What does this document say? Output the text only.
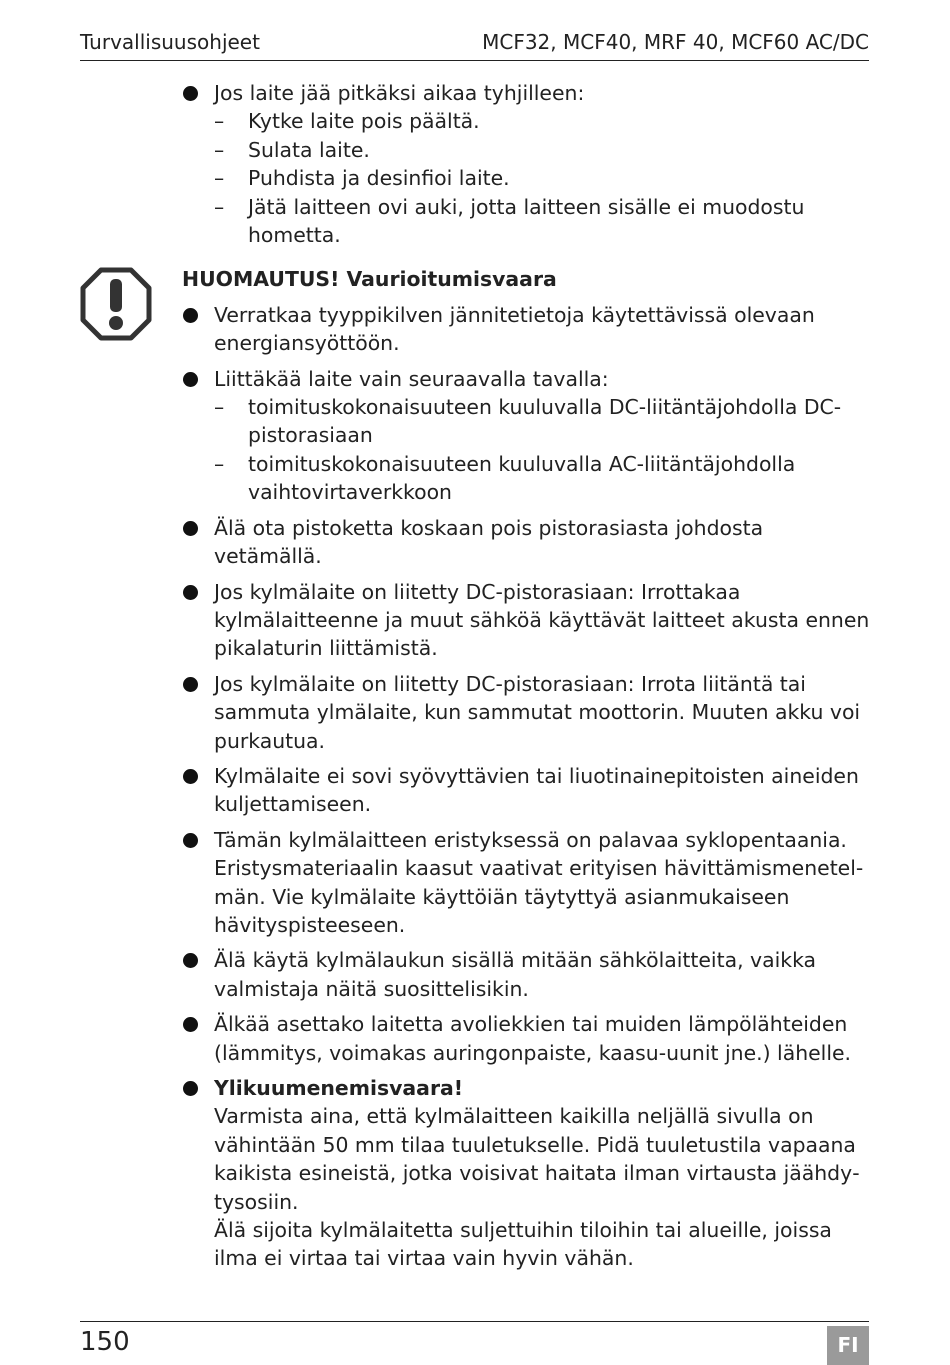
Turvallisuusohjeet	MCF32, MCF40, MRF 40, MCF60 AC/DC
Jos laite jää pitkäksi aikaa tyhjilleen:
– Kytke laite pois päältä.
– Sulata laite.
– Puhdista ja desinfioi laite.
– Jätä laitteen ovi auki, jotta laitteen sisälle ei muodostu hometta.
HUOMAUTUS! Vaurioitumisvaara
Verratkaa tyyppikilven jännitetietoja käytettävissä olevaan energiansyöttöön.
Liittäkää laite vain seuraavalla tavalla:
– toimituskokonaisuuteen kuuluvalla DC-liitäntäjohdolla DC-pistorasiaan
– toimituskokonaisuuteen kuuluvalla AC-liitäntäjohdolla vaihtovirtaverkkoon
Älä ota pistoketta koskaan pois pistorasiasta johdosta vetämällä.
Jos kylmälaite on liitetty DC-pistorasiaan: Irrottakaa kylmälaitteenne ja muut sähköä käyttävät laitteet akusta ennen pikalaturin liittämistä.
Jos kylmälaite on liitetty DC-pistorasiaan: Irrota liitäntä tai sammuta ylmälaite, kun sammutat moottorin. Muuten akku voi purkautua.
Kylmälaite ei sovi syövyttävien tai liuotinainepitoisten aineiden kuljettamiseen.
Tämän kylmälaitteen eristyksessä on palavaa syklopentaania. Eristysmateriaalin kaasut vaativat erityisen hävittämismenetelmän. Vie kylmälaite käyttöiän täytyttyä asianmukaiseen hävityspisteeseen.
Älä käytä kylmälaukun sisällä mitään sähkölaitteita, vaikka valmistaja näitä suosittelisikin.
Älkää asettako laitetta avoliekkien tai muiden lämpölähteiden (lämmitys, voimakas auringonpaiste, kaasu-uunit jne.) lähelle.
Ylikuumenemisvaara!
Varmista aina, että kylmälaitteen kaikilla neljällä sivulla on vähintään 50 mm tilaa tuuletukselle. Pidä tuuletustila vapaana kaikista esineistä, jotka voisivat haitata ilman virtausta jäähdytysosiin.
Älä sijoita kylmälaitetta suljettuihin tiloihin tai alueille, joissa ilma ei virtaa tai virtaa vain hyvin vähän.
150	FI
